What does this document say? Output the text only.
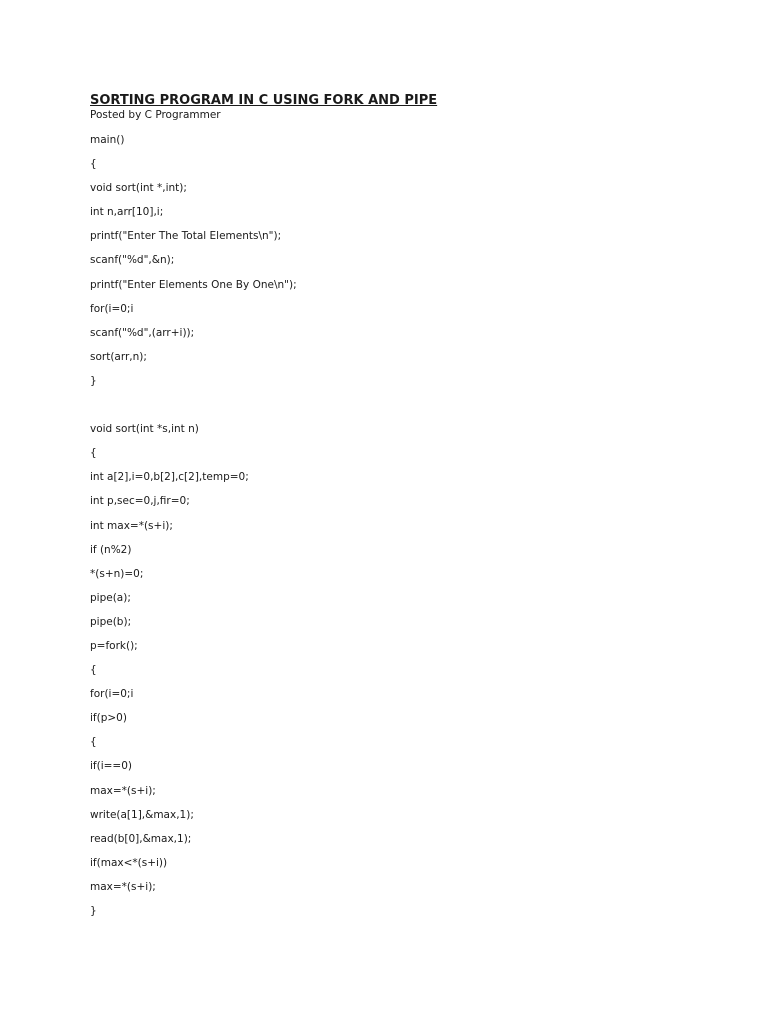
SORTING PROGRAM IN C USING FORK AND PIPE
Posted by C Programmer
main()
{
void sort(int *,int);
int n,arr[10],i;
printf("Enter The Total Elements\n");
scanf("%d",&n);
printf("Enter Elements One By One\n");
for(i=0;i
scanf("%d",(arr+i));
sort(arr,n);
}
void sort(int *s,int n)
{
int a[2],i=0,b[2],c[2],temp=0;
int p,sec=0,j,fir=0;
int max=*(s+i);
if (n%2)
*(s+n)=0;
pipe(a);
pipe(b);
p=fork();
{
for(i=0;i
if(p>0)
{
if(i==0)
max=*(s+i);
write(a[1],&max,1);
read(b[0],&max,1);
if(max<*(s+i))
max=*(s+i);
}
